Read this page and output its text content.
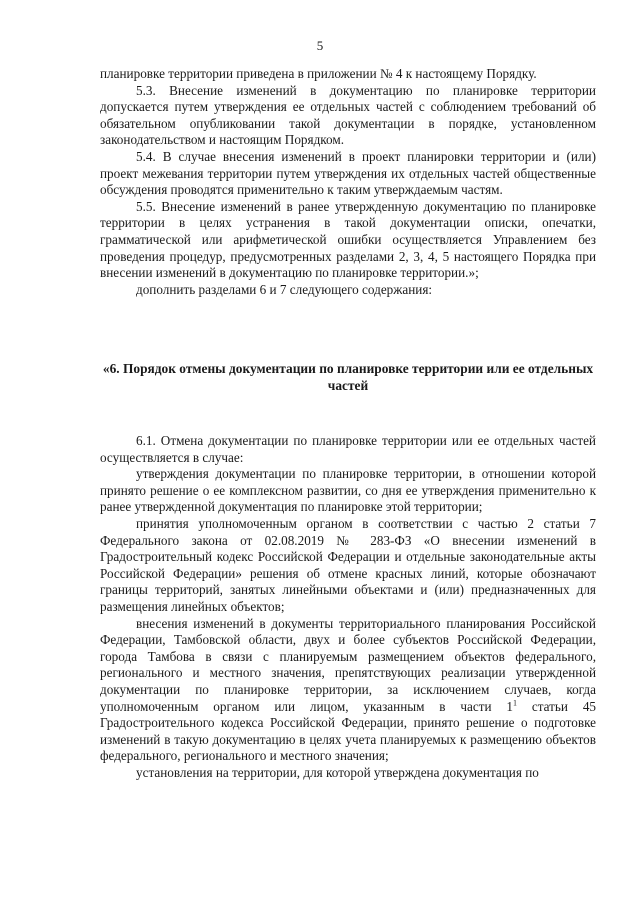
5

планировке территории приведена в приложении № 4 к настоящему Порядку.

5.3. Внесение изменений в документацию по планировке территории допускается путем утверждения ее отдельных частей с соблюдением требований об обязательном опубликовании такой документации в порядке, установленном законодательством и настоящим Порядком.

5.4. В случае внесения изменений в проект планировки территории и (или) проект межевания территории путем утверждения их отдельных частей общественные обсуждения проводятся применительно к таким утверждаемым частям.

5.5. Внесение изменений в ранее утвержденную документацию по планировке территории в целях устранения в такой документации описки, опечатки, грамматической или арифметической ошибки осуществляется Управлением без проведения процедур, предусмотренных разделами 2, 3, 4, 5 настоящего Порядка при внесении изменений в документацию по планировке территории.»;

дополнить разделами 6 и 7 следующего содержания:

«6. Порядок отмены документации по планировке территории или ее отдельных частей

6.1. Отмена документации по планировке территории или ее отдельных частей осуществляется в случае:

утверждения документации по планировке территории, в отношении которой принято решение о ее комплексном развитии, со дня ее утверждения применительно к ранее утвержденной документация по планировке этой территории;

принятия уполномоченным органом в соответствии с частью 2 статьи 7 Федерального закона от 02.08.2019 № 283-ФЗ «О внесении изменений в Градостроительный кодекс Российской Федерации и отдельные законодательные акты Российской Федерации» решения об отмене красных линий, которые обозначают границы территорий, занятых линейными объектами и (или) предназначенных для размещения линейных объектов;

внесения изменений в документы территориального планирования Российской Федерации, Тамбовской области, двух и более субъектов Российской Федерации, города Тамбова в связи с планируемым размещением объектов федерального, регионального и местного значения, препятствующих реализации утвержденной документации по планировке территории, за исключением случаев, когда уполномоченным органом или лицом, указанным в части $1^1$ статьи 45 Градостроительного кодекса Российской Федерации, принято решение о подготовке изменений в такую документацию в целях учета планируемых к размещению объектов федерального, регионального и местного значения;

установления на территории, для которой утверждена документация по
